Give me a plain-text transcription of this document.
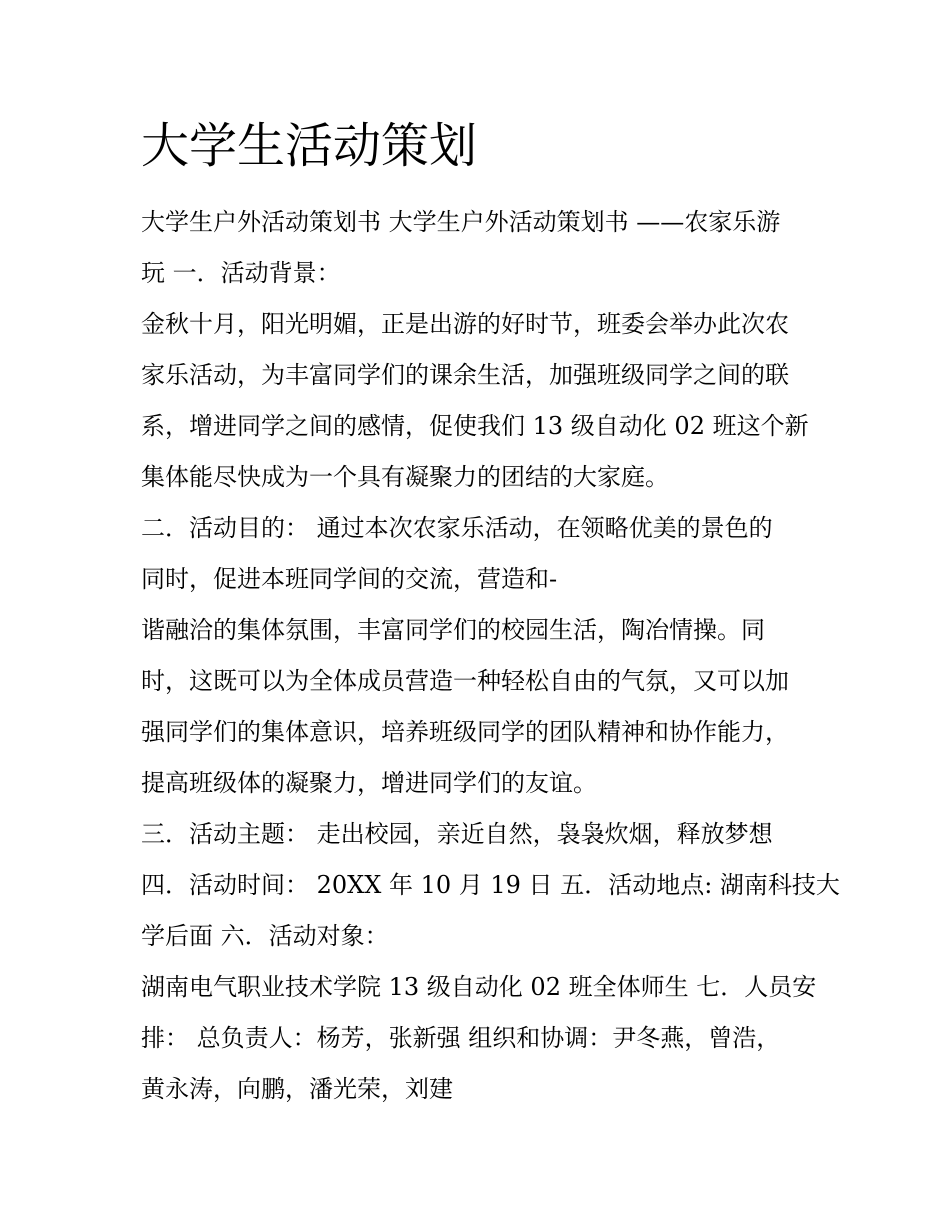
大学生活动策划

大学生户外活动策划书 大学生户外活动策划书 ——农家乐游

玩 一．活动背景：

金秋十月，阳光明媚，正是出游的好时节，班委会举办此次农

家乐活动，为丰富同学们的课余生活，加强班级同学之间的联

系，增进同学之间的感情，促使我们 13 级自动化 02 班这个新

集体能尽快成为一个具有凝聚力的团结的大家庭。

二．活动目的： 通过本次农家乐活动，在领略优美的景色的

同时，促进本班同学间的交流，营造和-

谐融洽的集体氛围，丰富同学们的校园生活，陶冶情操。同

时，这既可以为全体成员营造一种轻松自由的气氛，又可以加

强同学们的集体意识，培养班级同学的团队精神和协作能力，

提高班级体的凝聚力，增进同学们的友谊。

三．活动主题： 走出校园，亲近自然，袅袅炊烟，释放梦想

四．活动时间： 20XX 年 10 月 19 日 五．活动地点: 湖南科技大

学后面 六．活动对象：

湖南电气职业技术学院 13 级自动化 02 班全体师生 七．人员安

排： 总负责人：杨芳，张新强 组织和协调：尹冬燕，曾浩，

黄永涛，向鹏，潘光荣，刘建
